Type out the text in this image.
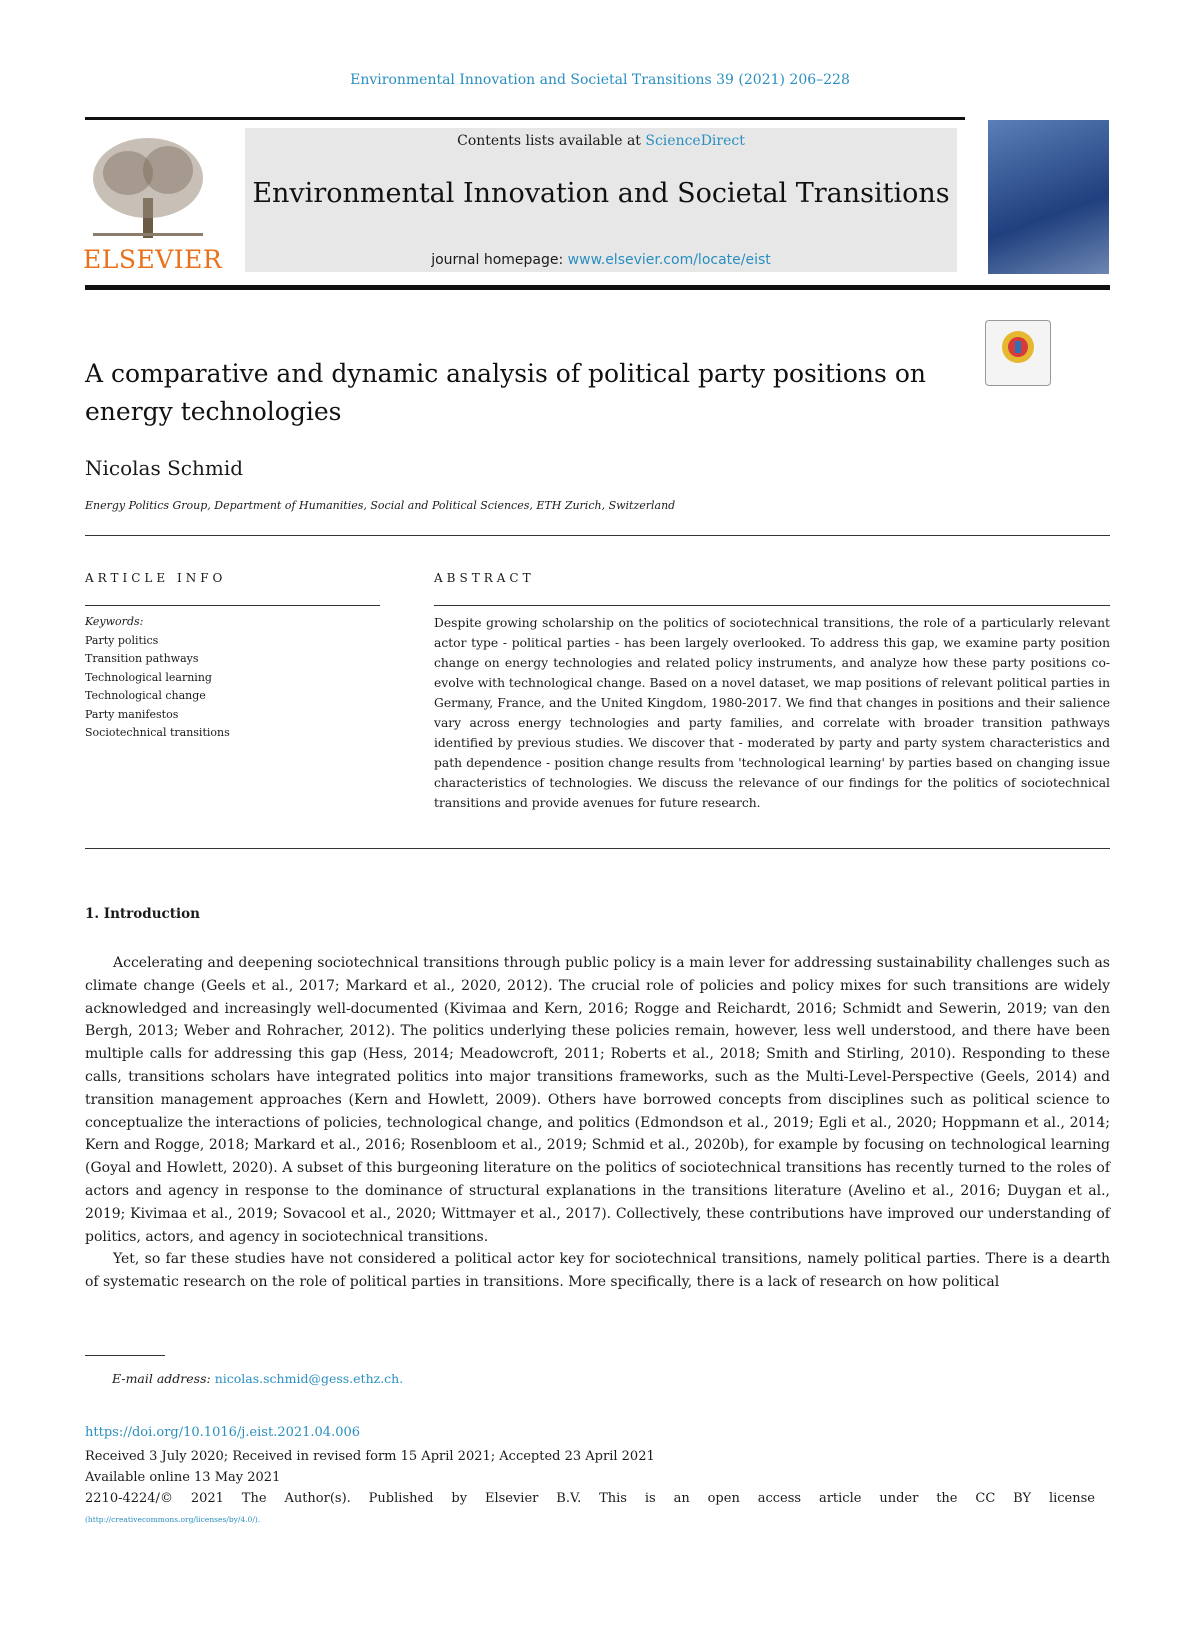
Environmental Innovation and Societal Transitions 39 (2021) 206–228
ELSEVIER
Contents lists available at ScienceDirect
Environmental Innovation and Societal Transitions
journal homepage: www.elsevier.com/locate/eist
A comparative and dynamic analysis of political party positions on energy technologies
Nicolas Schmid
Energy Politics Group, Department of Humanities, Social and Political Sciences, ETH Zurich, Switzerland
ARTICLE INFO	ABSTRACT
Keywords:
Party politics
Transition pathways
Technological learning
Technological change
Party manifestos
Sociotechnical transitions
Despite growing scholarship on the politics of sociotechnical transitions, the role of a particularly relevant actor type - political parties - has been largely overlooked. To address this gap, we examine party position change on energy technologies and related policy instruments, and analyze how these party positions co-evolve with technological change. Based on a novel dataset, we map positions of relevant political parties in Germany, France, and the United Kingdom, 1980-2017. We find that changes in positions and their salience vary across energy technologies and party families, and correlate with broader transition pathways identified by previous studies. We discover that - moderated by party and party system characteristics and path dependence - position change results from 'technological learning' by parties based on changing issue characteristics of technologies. We discuss the relevance of our findings for the politics of sociotechnical transitions and provide avenues for future research.
1. Introduction

Accelerating and deepening sociotechnical transitions through public policy is a main lever for addressing sustainability challenges such as climate change (Geels et al., 2017; Markard et al., 2020, 2012). The crucial role of policies and policy mixes for such transitions are widely acknowledged and increasingly well-documented (Kivimaa and Kern, 2016; Rogge and Reichardt, 2016; Schmidt and Sewerin, 2019; van den Bergh, 2013; Weber and Rohracher, 2012). The politics underlying these policies remain, however, less well understood, and there have been multiple calls for addressing this gap (Hess, 2014; Meadowcroft, 2011; Roberts et al., 2018; Smith and Stirling, 2010). Responding to these calls, transitions scholars have integrated politics into major transitions frameworks, such as the Multi-Level-Perspective (Geels, 2014) and transition management approaches (Kern and Howlett, 2009). Others have borrowed concepts from disciplines such as political science to conceptualize the interactions of policies, technological change, and politics (Edmondson et al., 2019; Egli et al., 2020; Hoppmann et al., 2014; Kern and Rogge, 2018; Markard et al., 2016; Rosenbloom et al., 2019; Schmid et al., 2020b), for example by focusing on technological learning (Goyal and Howlett, 2020). A subset of this burgeoning literature on the politics of sociotechnical transitions has recently turned to the roles of actors and agency in response to the dominance of structural explanations in the transitions literature (Avelino et al., 2016; Duygan et al., 2019; Kivimaa et al., 2019; Sovacool et al., 2020; Wittmayer et al., 2017). Collectively, these contributions have improved our understanding of politics, actors, and agency in sociotechnical transitions.

Yet, so far these studies have not considered a political actor key for sociotechnical transitions, namely political parties. There is a dearth of systematic research on the role of political parties in transitions. More specifically, there is a lack of research on how political

E-mail address: nicolas.schmid@gess.ethz.ch.
https://doi.org/10.1016/j.eist.2021.04.006
Received 3 July 2020; Received in revised form 15 April 2021; Accepted 23 April 2021
Available online 13 May 2021
2210-4224/© 2021 The Author(s). Published by Elsevier B.V. This is an open access article under the CC BY license
(http://creativecommons.org/licenses/by/4.0/).
